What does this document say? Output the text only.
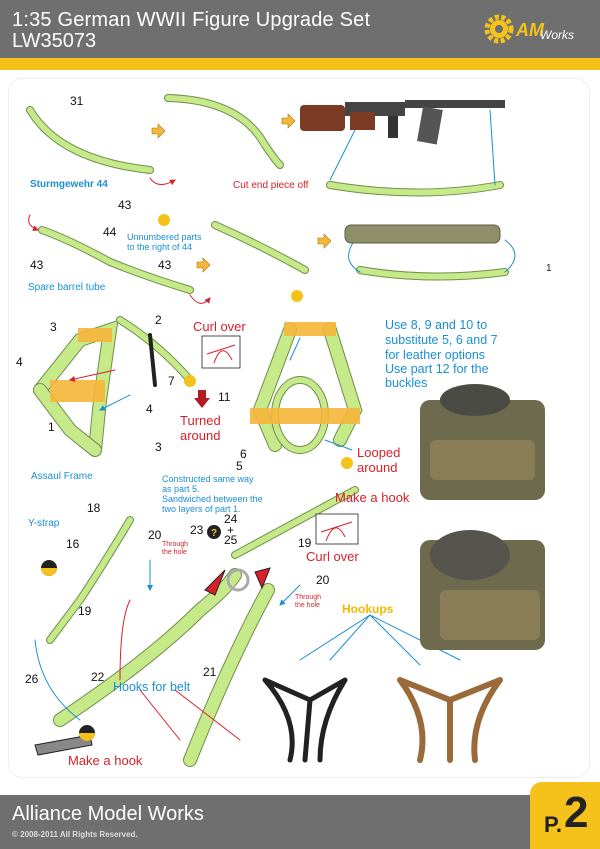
1:35 German WWII Figure Upgrade Set
LW35073	AM
Works
?
31
43
44
43	43
Sturmgewehr 44	Cut end piece off
Unnumbered parts
to the right of 44
Spare barrel tube
3	2
4
7
4
11
1
3	6
5
Curl over
Turned
around
Assaul Frame
Use 8, 9 and 10 to
substitute 5, 6 and 7
for leather options
Use part 12 for the
buckles
Looped
around
Constructed same way
as part 5.
Sandwiched between the
two layers of part 1.
Make a hook
Y-strap
18
16
20
Through
the hole
19
23
24
+
25	19
Curl over
20
Through
the hole Hookups
26	22	21
Hooks for belt
Make a hook
1
Alliance Model Works
© 2008-2011 All Rights Reserved.	P. 2
